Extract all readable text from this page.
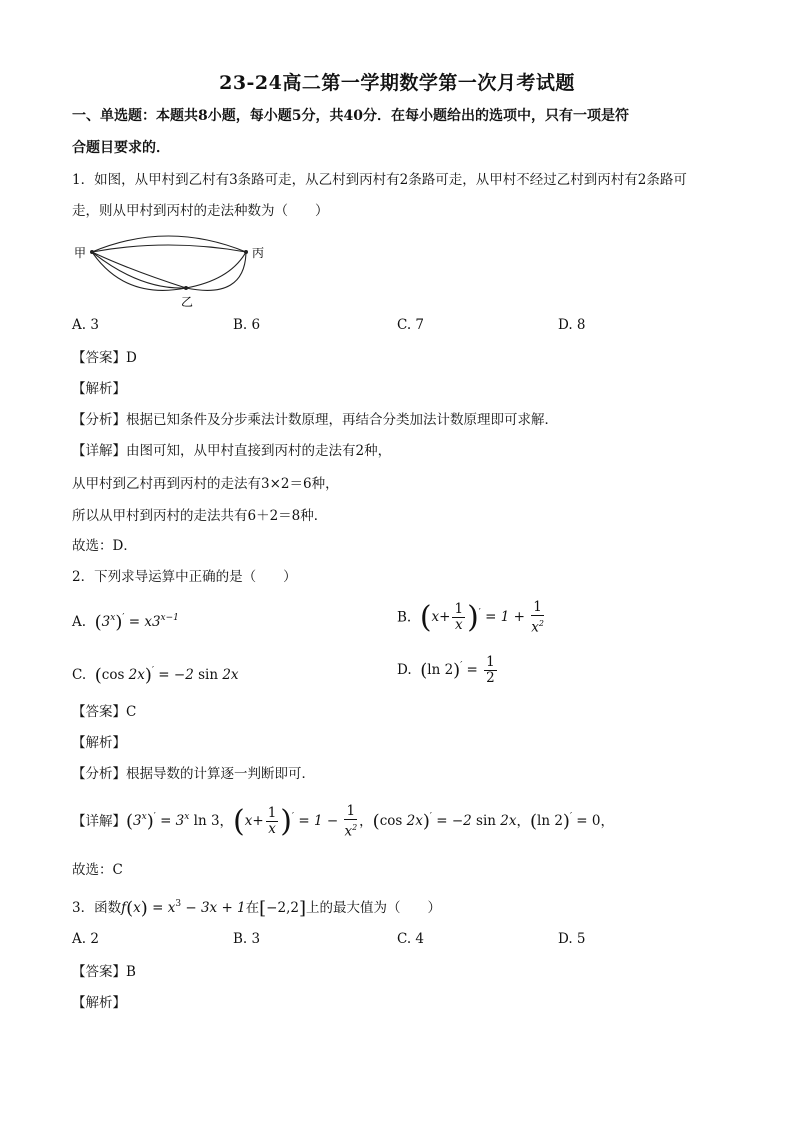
23-24高二第一学期数学第一次月考试题
一、单选题：本题共8小题，每小题5分，共40分．在每小题给出的选项中，只有一项是符
合题目要求的．
1．如图，从甲村到乙村有3条路可走，从乙村到丙村有2条路可走，从甲村不经过乙村到丙村有2条路可
走，则从甲村到丙村的走法种数为（　　）
甲	丙
乙
A. 3	B. 6	C. 7	D. 8
【答案】D
【解析】
【分析】根据已知条件及分步乘法计数原理，再结合分类加法计数原理即可求解．
【详解】由图可知，从甲村直接到丙村的走法有2种，
从甲村到乙村再到丙村的走法有3×2＝6种，
所以从甲村到丙村的走法共有6＋2＝8种．
故选：D．
2．下列求导运算中正确的是（　　）
A. $(3^x)' = x3^{x-1}$	B. $(x+ \frac{1}{x} )' = 1 + \frac{1}{x^2}$
C. (cos 2x)′ = −2 sin 2x	D. (ln $2)' = \frac{1}{2}$
【答案】C
【解析】
【分析】根据导数的计算逐一判断即可．
【详解】$(3^x)' = 3^x$ ln 3，$(x+ \frac{1}{x} )' = 1 - \frac{1}{x^2}$ ，(cos 2x)′ = −2 sin 2x，(ln 2)′ = 0，
故选：C
3．函数$f(x) = x^3 - 3x + 1$在[−2,2]上的最大值为（　　）
A. 2	B. 3	C. 4	D. 5
【答案】B
【解析】
